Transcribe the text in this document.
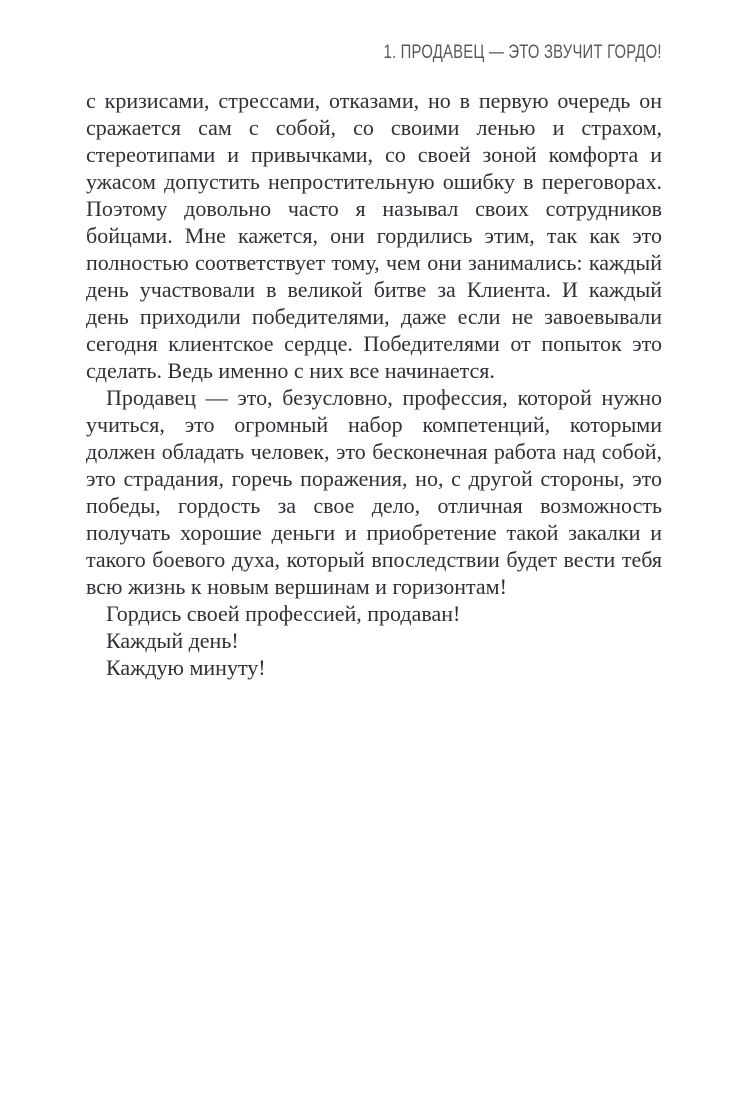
1. ПРОДАВЕЦ — ЭТО ЗВУЧИТ ГОРДО!

с кризисами, стрессами, отказами, но в первую очередь он сражается сам с собой, со своими ленью и страхом, стереотипами и привычками, со своей зоной комфорта и ужасом допустить непростительную ошибку в переговорах. Поэтому довольно часто я называл своих сотрудников бойцами. Мне кажется, они гордились этим, так как это полностью соответствует тому, чем они занимались: каждый день участвовали в великой битве за Клиента. И каждый день приходили победителями, даже если не завоевывали сегодня клиентское сердце. Победителями от попыток это сделать. Ведь именно с них все начинается.

Продавец — это, безусловно, профессия, которой нужно учиться, это огромный набор компетенций, которыми должен обладать человек, это бесконечная работа над собой, это страдания, горечь поражения, но, с другой стороны, это победы, гордость за свое дело, отличная возможность получать хорошие деньги и приобретение такой закалки и такого боевого духа, который впоследствии будет вести тебя всю жизнь к новым вершинам и горизонтам!

Гордись своей профессией, продаван!

Каждый день!

Каждую минуту!
